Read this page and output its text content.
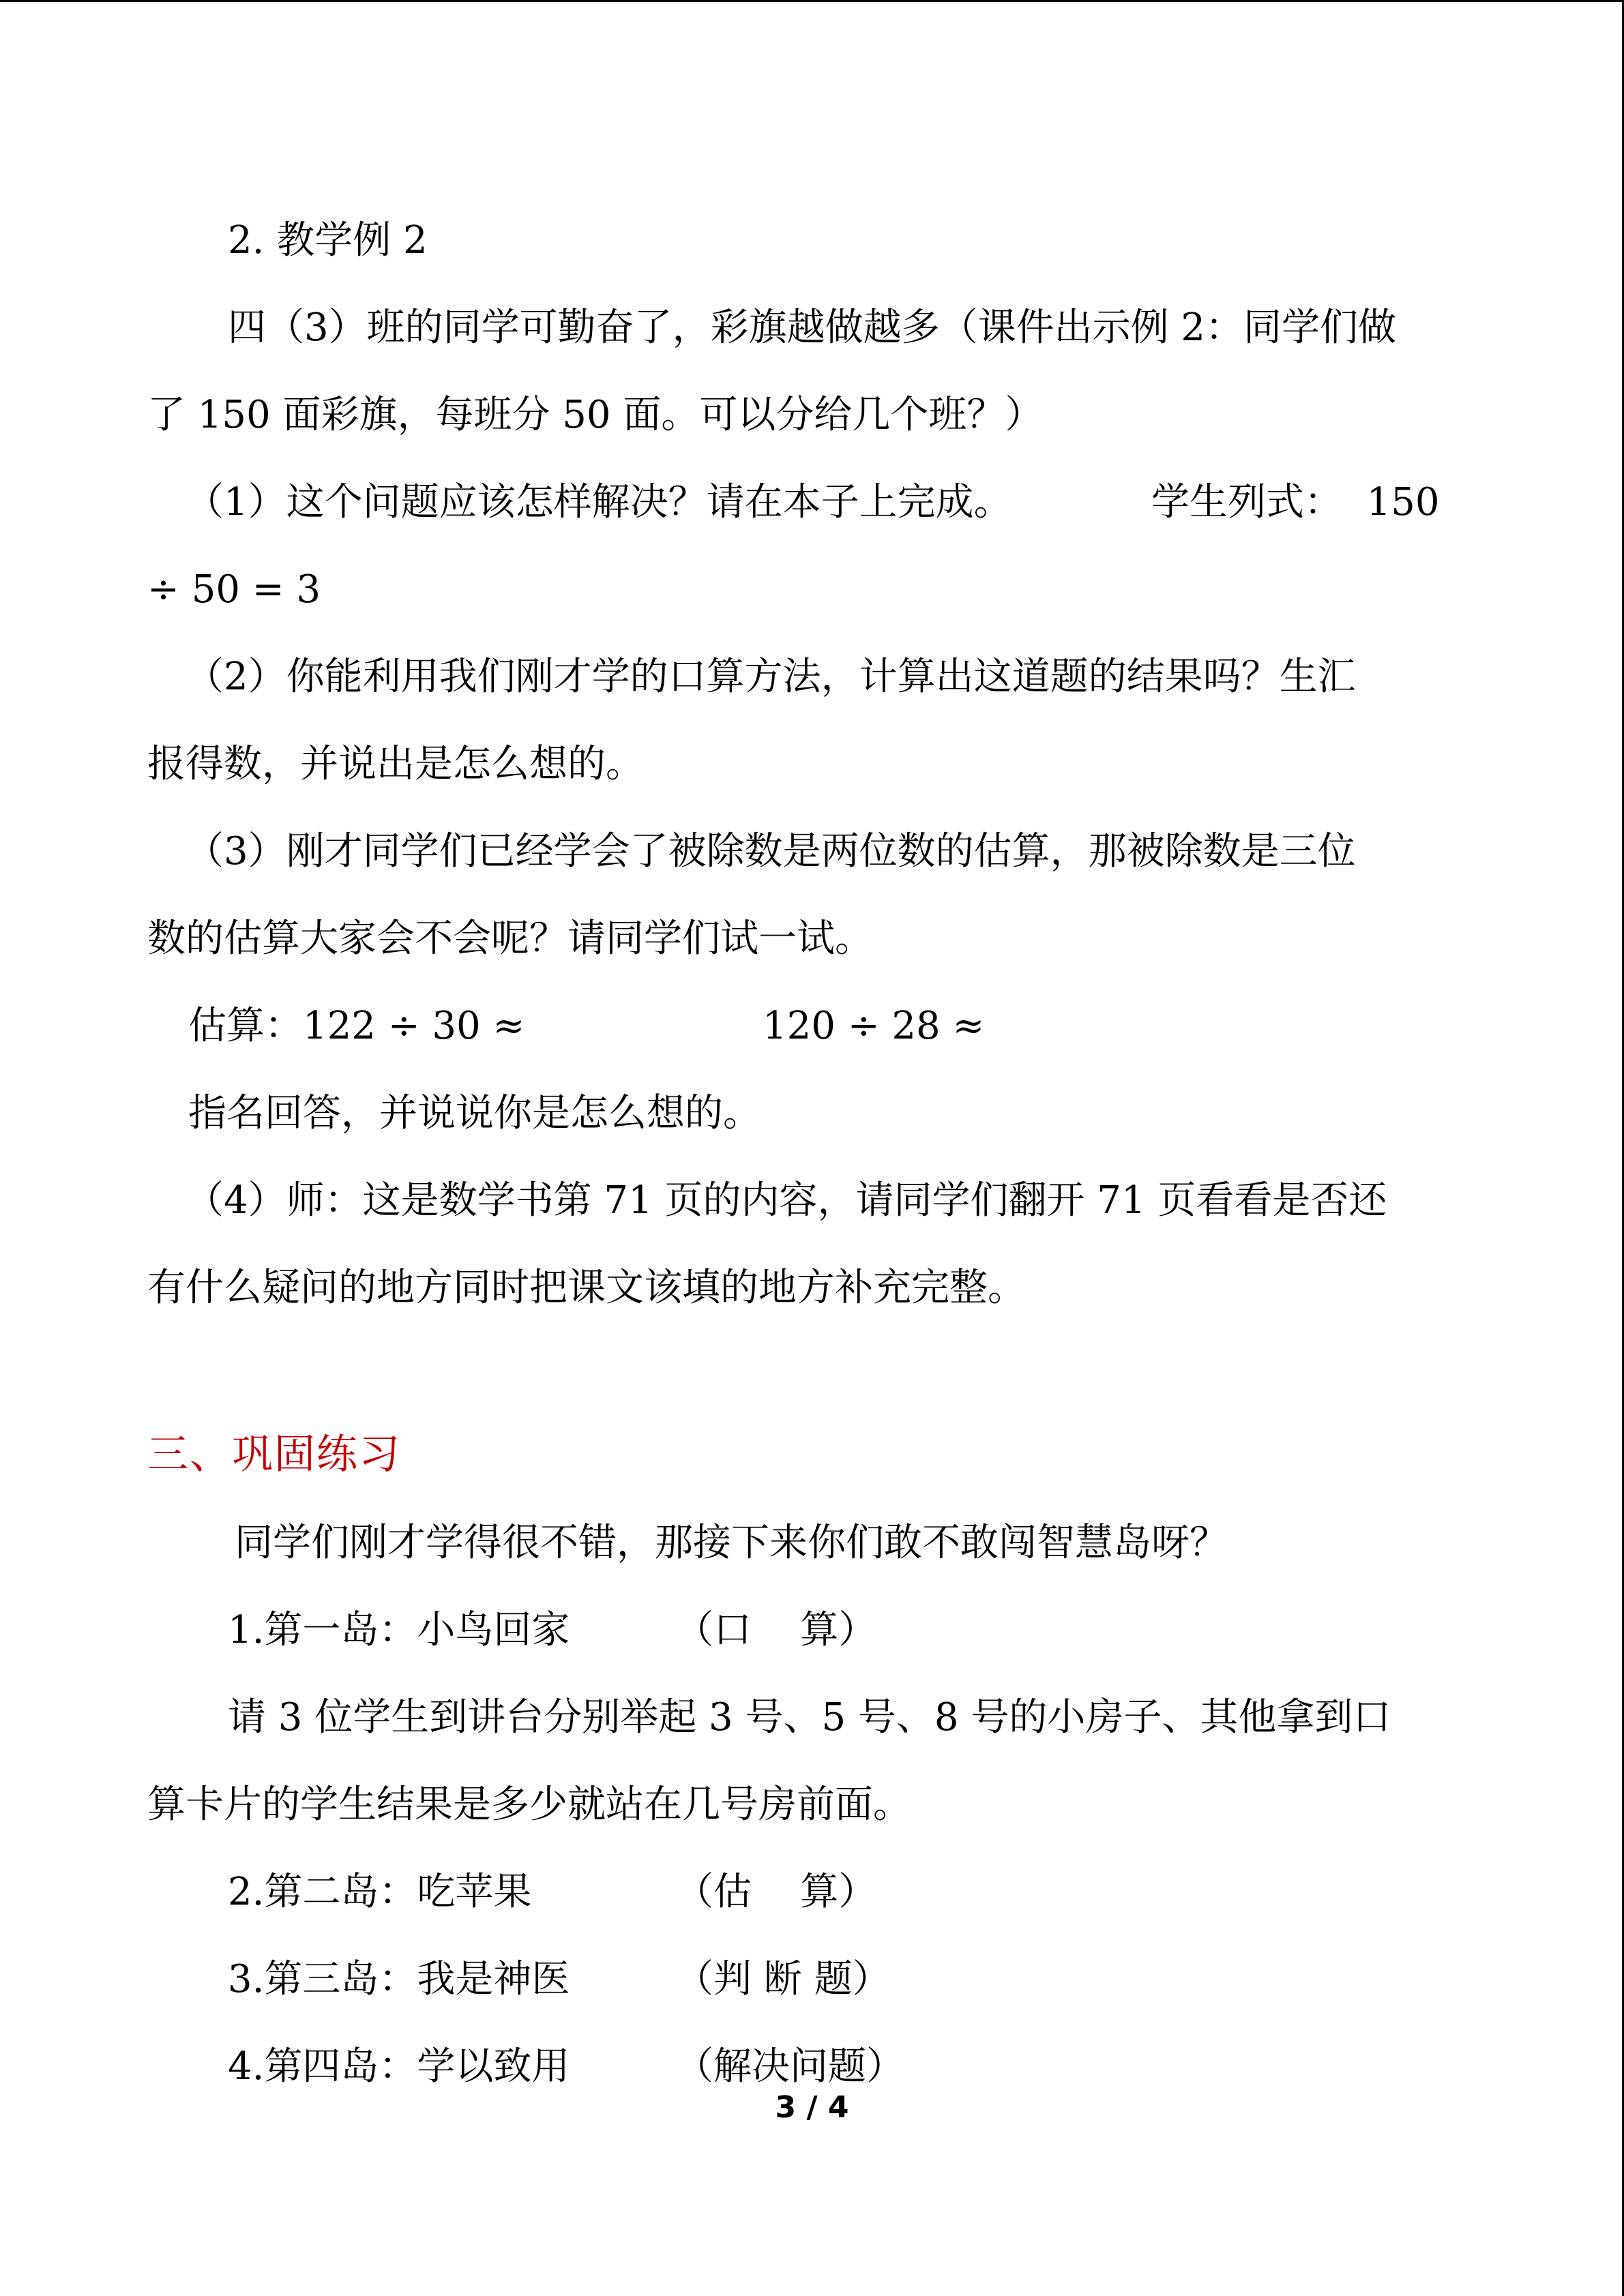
2. 教学例 2
四（3）班的同学可勤奋了，彩旗越做越多（课件出示例 2：同学们做
了 150 面彩旗，每班分 50 面。可以分给几个班？）
（1）这个问题应该怎样解决？请在本子上完成。	学生列式：  150
÷ 50 = 3
（2）你能利用我们刚才学的口算方法，计算出这道题的结果吗？生汇
报得数，并说出是怎么想的。
（3）刚才同学们已经学会了被除数是两位数的估算，那被除数是三位
数的估算大家会不会呢？请同学们试一试。
估算：122 ÷ 30 ≈	120 ÷ 28 ≈
指名回答，并说说你是怎么想的。
（4）师：这是数学书第 71 页的内容，请同学们翻开 71 页看看是否还
有什么疑问的地方同时把课文该填的地方补充完整。
三、巩固练习
同学们刚才学得很不错，那接下来你们敢不敢闯智慧岛呀？
1.第一岛：小鸟回家	（口    算）
请 3 位学生到讲台分别举起 3 号、5 号、8 号的小房子、其他拿到口
算卡片的学生结果是多少就站在几号房前面。
2.第二岛：吃苹果	（估    算）
3.第三岛：我是神医	（判 断 题）
4.第四岛：学以致用	（解决问题）
3 / 4
